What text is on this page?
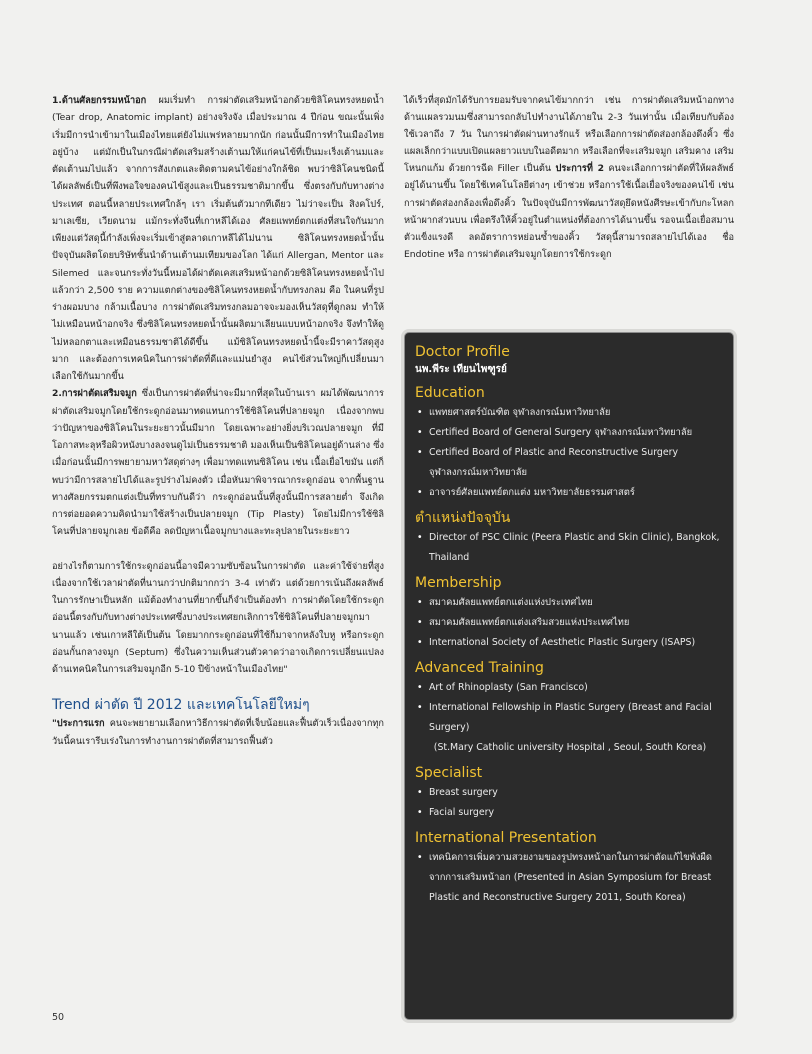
1.ด้านศัลยกรรมหน้าอก ผมเริ่มทำ การผ่าตัดเสริมหน้าอกด้วยซิลิโคนทรงหยดน้ำ (Tear drop, Anatomic implant) อย่างจริงจัง เมื่อประมาณ 4 ปีก่อน ขณะนั้นเพิ่งเริ่มมีการนำเข้ามาในเมืองไทยแต่ยังไม่แพร่หลายมากนัก ก่อนนั้นมีการทำในเมืองไทยอยู่บ้าง แต่มักเป็นในกรณีผ่าตัดเสริมสร้างเต้านมให้แก่คนไข้ที่เป็นมะเร็งเต้านมและตัดเต้านมไปแล้ว จากการสังเกตและติดตามคนไข้อย่างใกล้ชิด พบว่าซิลิโคนชนิดนี้ได้ผลลัพธ์เป็นที่พึงพอใจของคนไข้สูงและเป็นธรรมชาติมากขึ้น ซึ่งตรงกับกับทางต่างประเทศ ตอนนี้หลายประเทศใกล้ๆ เรา เริ่มต้นตัวมากทีเดียว ไม่ว่าจะเป็น สิงคโปร์, มาเลเซีย, เวียดนาม แม้กระทั่งจีนที่เกาหลีได้เอง ศัลยแพทย์ตกแต่งที่สนใจกันมาก เพียงแต่วัสดุนี้กำลังเพิ่งจะเริ่มเข้าสู่ตลาดเกาหลีได้ไม่นาน ซิลิโคนทรงหยดน้ำนั้น ปัจจุบันผลิตโดยบริษัทชั้นนำด้านเต้านมเทียมของโลก ได้แก่ Allergan, Mentor และ Silemed และจนกระทั่งวันนี้หมอได้ผ่าตัดเคสเสริมหน้าอกด้วยซิลิโคนทรงหยดน้ำไปแล้วกว่า 2,500 ราย ความแตกต่างของซิลิโคนทรงหยดน้ำกับทรงกลม คือ ในคนที่รูปร่างผอมบาง กล้ามเนื้อบาง การผ่าตัดเสริมทรงกลมอาจจะมองเห็นวัสดุที่ดูกลม ทำให้ไม่เหมือนหน้าอกจริง ซึ่งซิลิโคนทรงหยดน้ำนั้นผลิตมาเลียนแบบหน้าอกจริง จึงทำให้ดูไม่หลอกตาและเหมือนธรรมชาติได้ดีขึ้น แม้ซิลิโคนทรงหยดน้ำนี้จะมีราคาวัสดุสูงมาก และต้องการเทคนิคในการผ่าตัดที่ดีและแม่นยำสูง คนไข้ส่วนใหญ่ก็เปลี่ยนมาเลือกใช้กันมากขึ้น

2.การผ่าตัดเสริมจมูก ซึ่งเป็นการผ่าตัดที่น่าจะมีมากที่สุดในบ้านเรา ผมได้พัฒนาการผ่าตัดเสริมจมูกโดยใช้กระดูกอ่อนมาทดแทนการใช้ซิลิโคนที่ปลายจมูก เนื่องจากพบว่าปัญหาของซิลิโคนในระยะยาวนั้นมีมาก โดยเฉพาะอย่างยิ่งบริเวณปลายจมูก ที่มีโอกาสทะลุหรือผิวหนังบางลงจนดูไม่เป็นธรรมชาติ มองเห็นเป็นซิลิโคนอยู่ด้านล่าง ซึ่งเมื่อก่อนนั้นมีการพยายามหาวัสดุต่างๆ เพื่อมาทดแทนซิลิโคน เช่น เนื้อเยื่อไขมัน แต่ก็พบว่ามีการสลายไปได้และรูปร่างไม่คงตัว เมื่อหันมาพิจารณากระดูกอ่อน จากพื้นฐานทางศัลยกรรมตกแต่งเป็นที่ทราบกันดีว่า กระดูกอ่อนนั้นที่สูงนั้นมีการสลายต่ำ จึงเกิดการต่อยอดความคิดนำมาใช้สร้างเป็นปลายจมูก (Tip Plasty) โดยไม่มีการใช้ซิลิโคนที่ปลายจมูกเลย ข้อดีคือ ลดปัญหาเนื้อจมูกบางและทะลุปลายในระยะยาว

อย่างไรก็ตามการใช้กระดูกอ่อนนี้อาจมีความซับซ้อนในการผ่าตัด และค่าใช้จ่ายที่สูงเนื่องจากใช้เวลาผ่าตัดที่นานกว่าปกติมากกว่า 3-4 เท่าตัว แต่ด้วยการเน้นถึงผลลัพธ์ในการรักษาเป็นหลัก แม้ต้องทำงานที่ยากขึ้นก็จำเป็นต้องทำ การผ่าตัดโดยใช้กระดูกอ่อนนี้ตรงกับกับทางต่างประเทศซึ่งบางประเทศยกเลิกการใช้ซิลิโคนที่ปลายจมูกมานานแล้ว เช่นเกาหลีใต้เป็นต้น โดยมากกระดูกอ่อนที่ใช้ก็มาจากหลังใบหู หรือกระดูกอ่อนกั้นกลางจมูก (Septum) ซึ่งในความเห็นส่วนตัวคาดว่าอาจเกิดการเปลี่ยนแปลงด้านเทคนิคในการเสริมจมูกอีก 5-10 ปีข้างหน้าในเมืองไทย"

Trend ผ่าตัด ปี 2012 และเทคโนโลยีใหม่ๆ

"ประการแรก คนจะพยายามเลือกหาวิธีการผ่าตัดที่เจ็บน้อยและฟื้นตัวเร็วเนื่องจากทุกวันนี้คนเรารีบเร่งในการทำงานการผ่าตัดที่สามารถฟื้นตัว

ได้เร็วที่สุดมักได้รับการยอมรับจากคนไข้มากกว่า เช่น การผ่าตัดเสริมหน้าอกทางด้านแผลรวมนมซึ่งสามารถกลับไปทำงานได้ภายใน 2-3 วันเท่านั้น เมื่อเทียบกับต้องใช้เวลาถึง 7 วัน ในการผ่าตัดผ่านทางรักแร้ หรือเลือกการผ่าตัดส่องกล้องดึงคิ้ว ซึ่งแผลเล็กกว่าแบบเปิดแผลยาวแบบในอดีตมาก หรือเลือกที่จะเสริมจมูก เสริมคาง เสริมโหนกแก้ม ด้วยการฉีด Filler เป็นต้น ประการที่ 2 คนจะเลือกการผ่าตัดที่ให้ผลลัพธ์อยู่ได้นานขึ้น โดยใช้เทคโนโลยีต่างๆ เข้าช่วย หรือการใช้เนื้อเยื่อจริงของคนไข้ เช่น การผ่าตัดส่องกล้องเพื่อดึงคิ้ว ในปัจจุบันมีการพัฒนาวัสดุยึดหนังศีรษะเข้ากับกะโหลกหน้าผากส่วนบน เพื่อตรึงให้คิ้วอยู่ในตำแหน่งที่ต้องการได้นานขึ้น รอจนเนื้อเยื่อสมานตัวแข็งแรงดี ลดอัตราการหย่อนซ้ำของคิ้ว วัสดุนี้สามารถสลายไปได้เอง ชื่อ Endotine หรือ การผ่าตัดเสริมจมูกโดยการใช้กระดูก

Doctor Profile
นพ.พีระ เทียนไพฑูรย์
Education
• แพทยศาสตร์บัณฑิต จุฬาลงกรณ์มหาวิทยาลัย
• Certified Board of General Surgery จุฬาลงกรณ์มหาวิทยาลัย
• Certified Board of Plastic and Reconstructive Surgery จุฬาลงกรณ์มหาวิทยาลัย
• อาจารย์ศัลยแพทย์ตกแต่ง มหาวิทยาลัยธรรมศาสตร์
ตำแหน่งปัจจุบัน
• Director of PSC Clinic (Peera Plastic and Skin Clinic), Bangkok, Thailand
Membership
• สมาคมศัลยแพทย์ตกแต่งแห่งประเทศไทย
• สมาคมศัลยแพทย์ตกแต่งเสริมสวยแห่งประเทศไทย
• International Society of Aesthetic Plastic Surgery (ISAPS)
Advanced Training
• Art of Rhinoplasty (San Francisco)
• International Fellowship in Plastic Surgery (Breast and Facial Surgery)
(St.Mary Catholic university Hospital , Seoul, South Korea)
Specialist
• Breast surgery
• Facial surgery
International Presentation
• เทคนิคการเพิ่มความสวยงามของรูปทรงหน้าอกในการผ่าตัดแก้ไขพังผืดจากการเสริมหน้าอก (Presented in Asian Symposium for Breast Plastic and Reconstructive Surgery 2011, South Korea)
50
